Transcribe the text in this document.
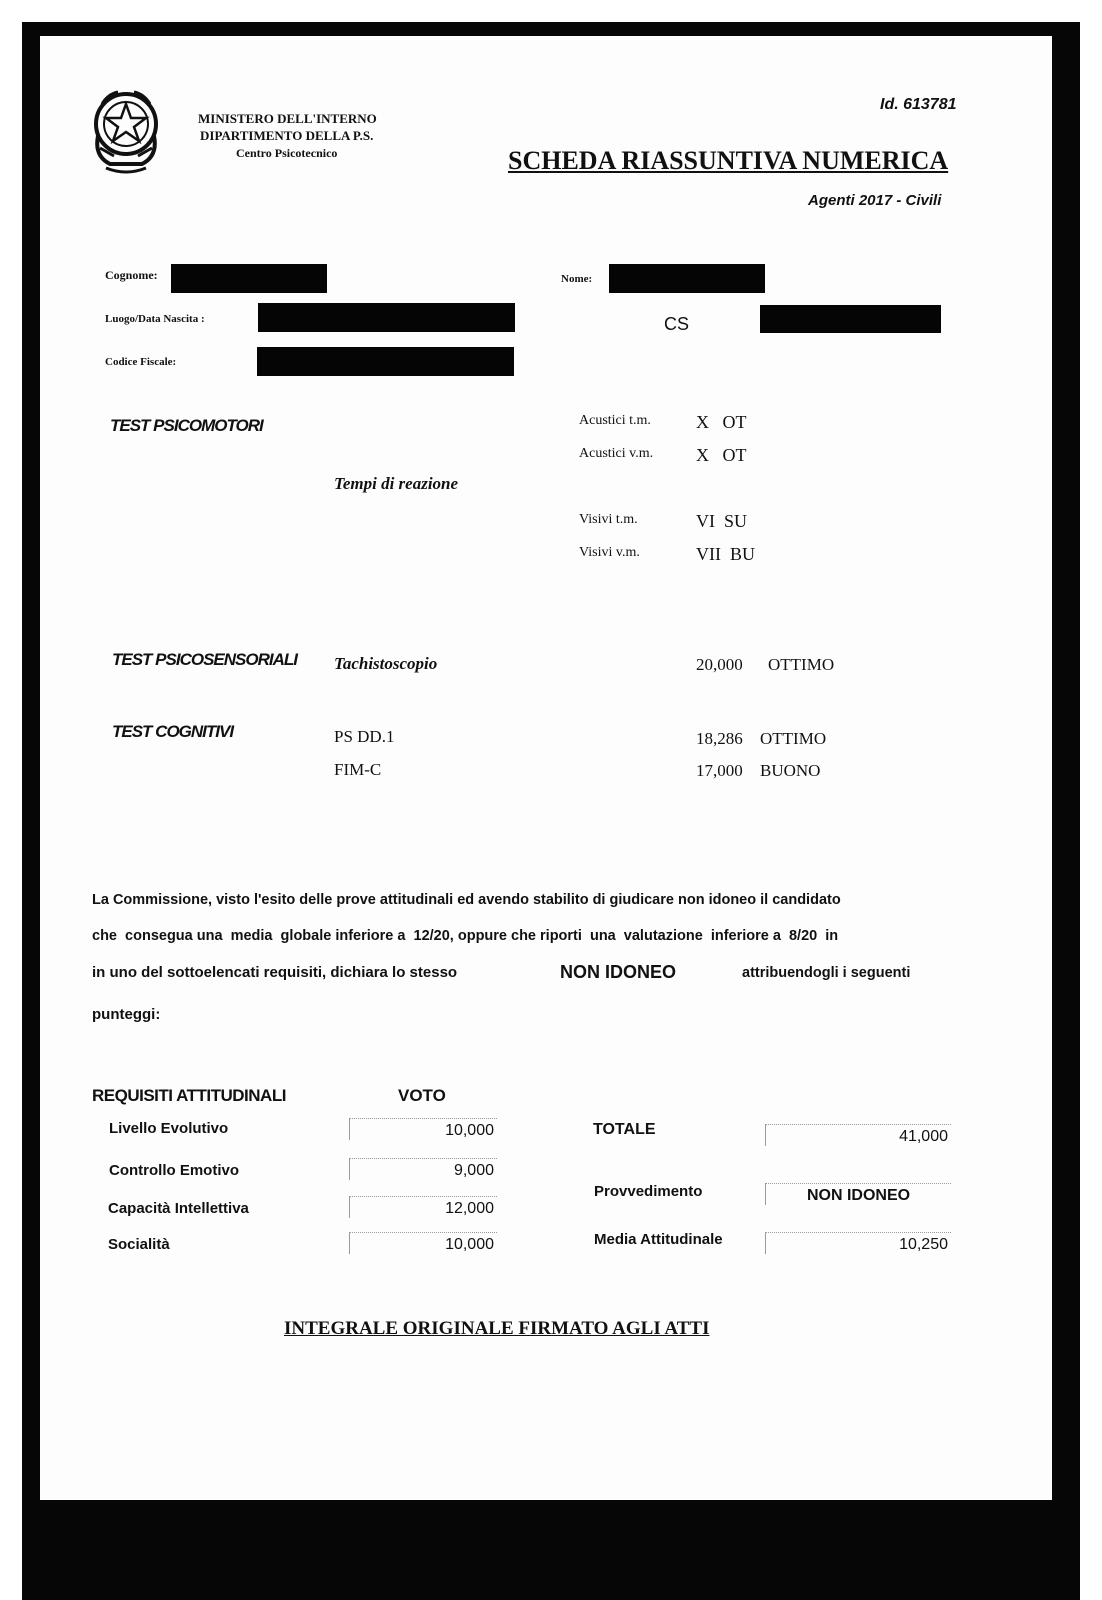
MINISTERO DELL'INTERNO
DIPARTIMENTO DELLA P.S.
Centro Psicotecnico
Id. 613781
SCHEDA RIASSUNTIVA NUMERICA
Agenti 2017 - Civili
Cognome:	Nome:
Luogo/Data Nascita :	CS
Codice Fiscale:
TEST PSICOMOTORI
Tempi di reazione
Acustici t.m.	X   OT
Acustici v.m. X   OT
Visivi t.m.	VI  SU
Visivi v.m.	VII  BU
TEST PSICOSENSORIALI Tachistoscopio	20,000 OTTIMO
TEST COGNITIVI	PS DD.1	18,286 OTTIMO
FIM-C	17,000 BUONO
La Commissione, visto l'esito delle prove attitudinali ed avendo stabilito di giudicare non idoneo il candidato
che  consegua una  media  globale inferiore a  12/20, oppure che riporti  una  valutazione  inferiore a  8/20  in
in uno del sottoelencati requisiti, dichiara lo stesso	NON IDONEO	attribuendogli i seguenti
punteggi:
REQUISITI ATTITUDINALI	VOTO
Livello Evolutivo	10,000
Controllo Emotivo	9,000
Capacità Intellettiva	12,000
Socialità	10,000
TOTALE	41,000
Provvedimento	NON IDONEO
Media Attitudinale	10,250
INTEGRALE ORIGINALE FIRMATO AGLI ATTI
